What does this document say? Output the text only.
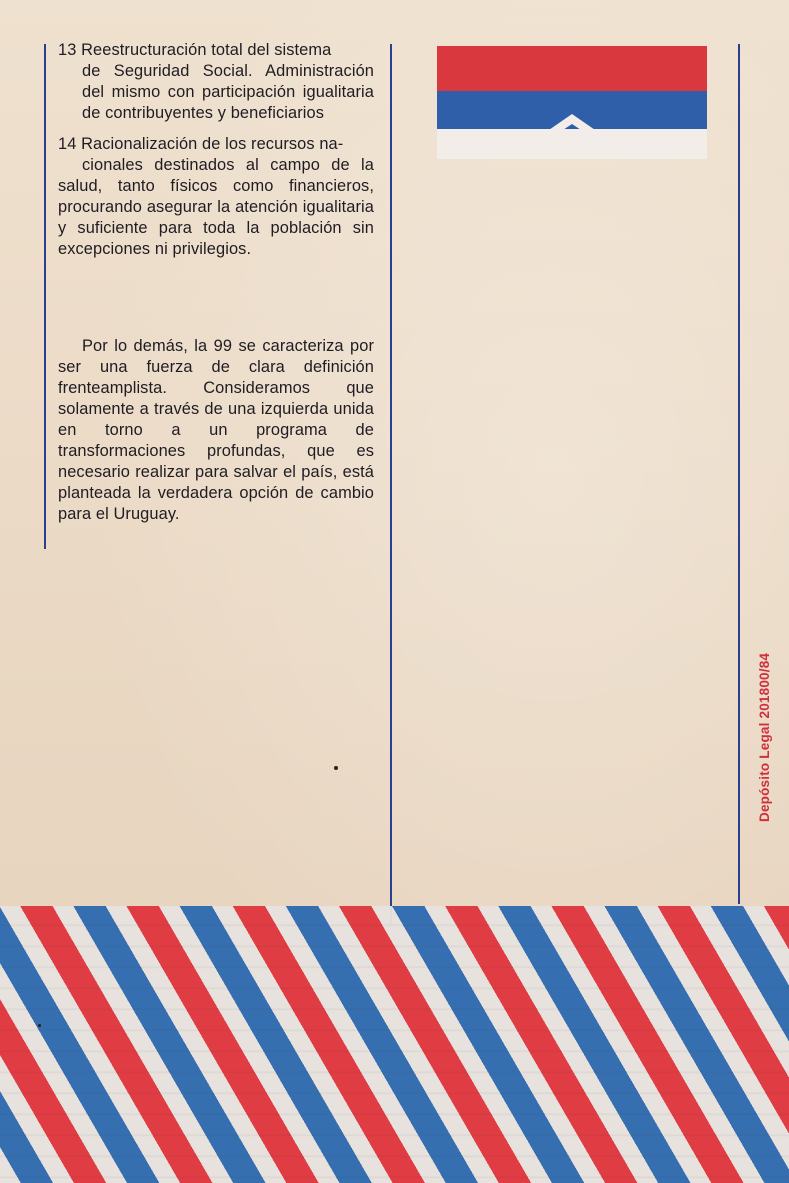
13 Reestructuración total del sistema
de Seguridad Social. Administración del mismo con participación igualitaria de contribuyentes y beneficiarios
14 Racionalización de los recursos na-
cionales destinados al campo de la salud, tanto físicos como financieros, procurando asegurar la atención igualitaria y suficiente para toda la población sin excepciones ni privilegios.
Por lo demás, la 99 se caracteriza por ser una fuerza de clara definición frenteamplista. Consideramos que solamente a través de una izquierda unida en torno a un programa de transformaciones profundas, que es necesario realizar para salvar el país, está planteada la verdadera opción de cambio para el Uruguay.
Depósito Legal 201800/84
